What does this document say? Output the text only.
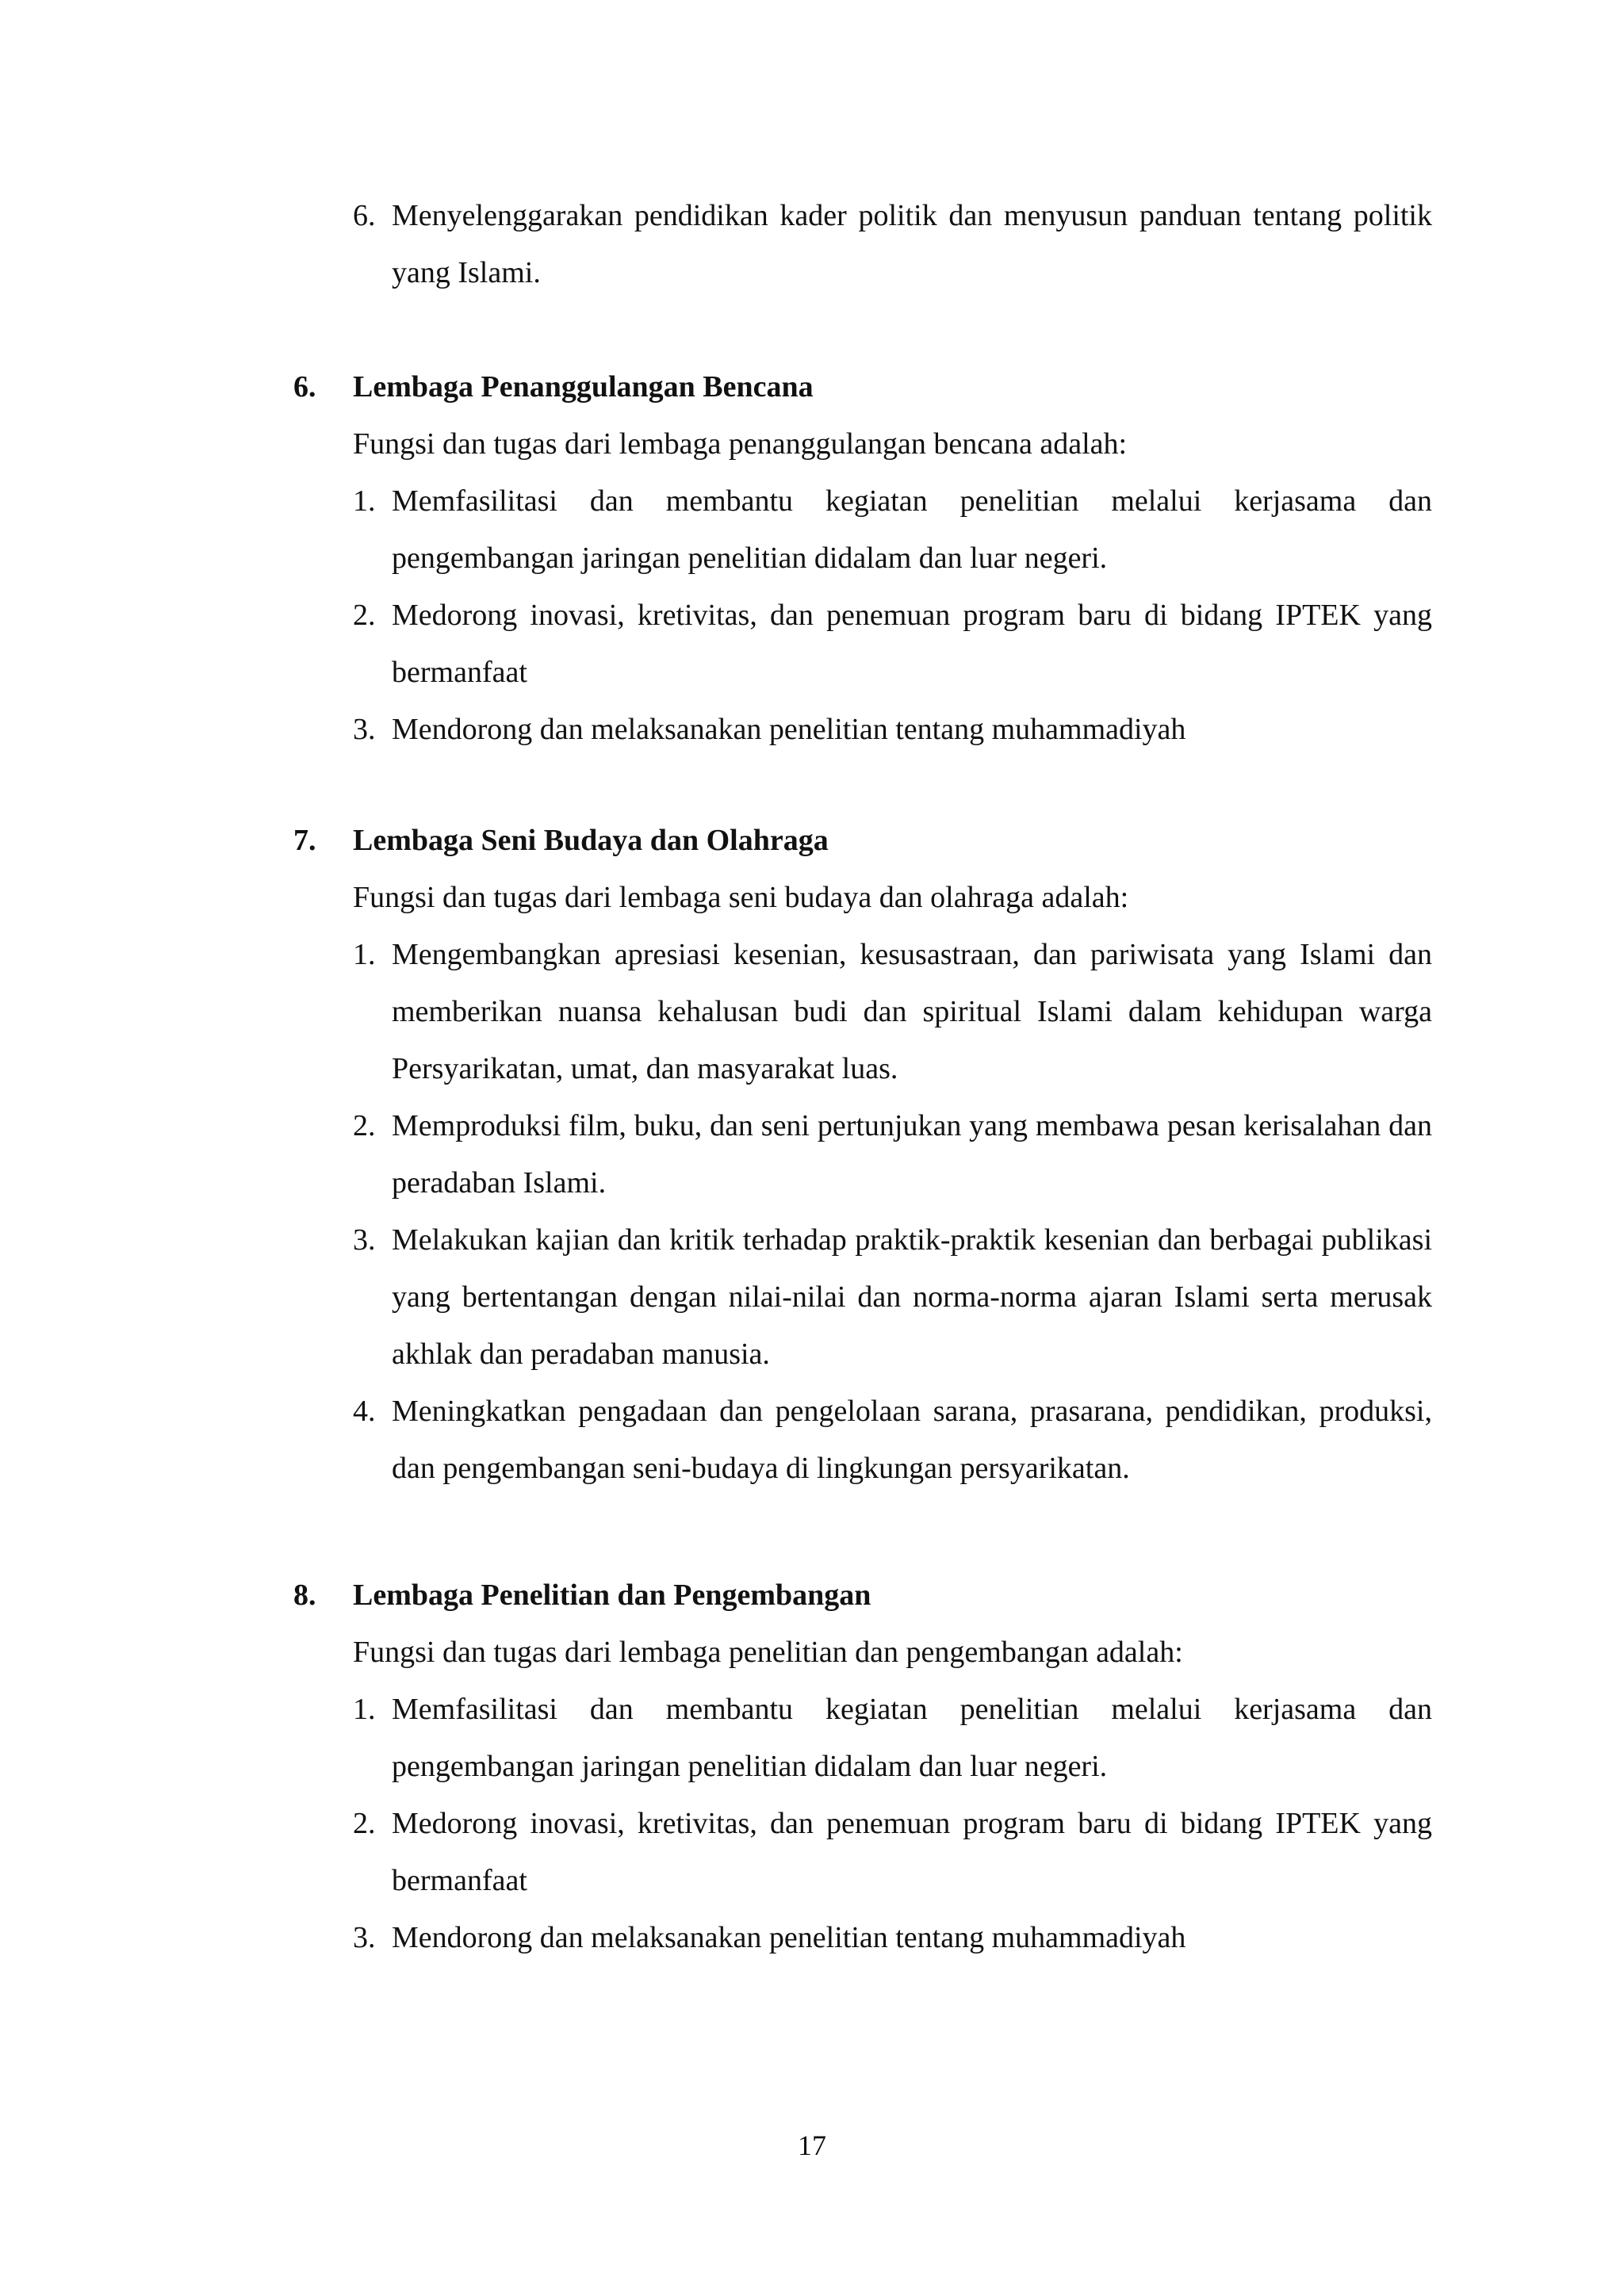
6. Menyelenggarakan pendidikan kader politik dan menyusun panduan tentang politik yang Islami.
6. Lembaga Penanggulangan Bencana
Fungsi dan tugas dari lembaga penanggulangan bencana adalah:
1. Memfasilitasi dan membantu kegiatan penelitian melalui kerjasama dan pengembangan jaringan penelitian didalam dan luar negeri.
2. Medorong inovasi, kretivitas, dan penemuan program baru di bidang IPTEK yang bermanfaat
3. Mendorong dan melaksanakan penelitian tentang muhammadiyah
7. Lembaga Seni Budaya dan Olahraga
Fungsi dan tugas dari lembaga seni budaya dan olahraga adalah:
1. Mengembangkan apresiasi kesenian, kesusastraan, dan pariwisata yang Islami dan memberikan nuansa kehalusan budi dan spiritual Islami dalam kehidupan warga Persyarikatan, umat, dan masyarakat luas.
2. Memproduksi film, buku, dan seni pertunjukan yang membawa pesan kerisalahan dan peradaban Islami.
3. Melakukan kajian dan kritik terhadap praktik-praktik kesenian dan berbagai publikasi yang bertentangan dengan nilai-nilai dan norma-norma ajaran Islami serta merusak akhlak dan peradaban manusia.
4. Meningkatkan pengadaan dan pengelolaan sarana, prasarana, pendidikan, produksi, dan pengembangan seni-budaya di lingkungan persyarikatan.
8. Lembaga Penelitian dan Pengembangan
Fungsi dan tugas dari lembaga penelitian dan pengembangan adalah:
1. Memfasilitasi dan membantu kegiatan penelitian melalui kerjasama dan pengembangan jaringan penelitian didalam dan luar negeri.
2. Medorong inovasi, kretivitas, dan penemuan program baru di bidang IPTEK yang bermanfaat
3. Mendorong dan melaksanakan penelitian tentang muhammadiyah
17
